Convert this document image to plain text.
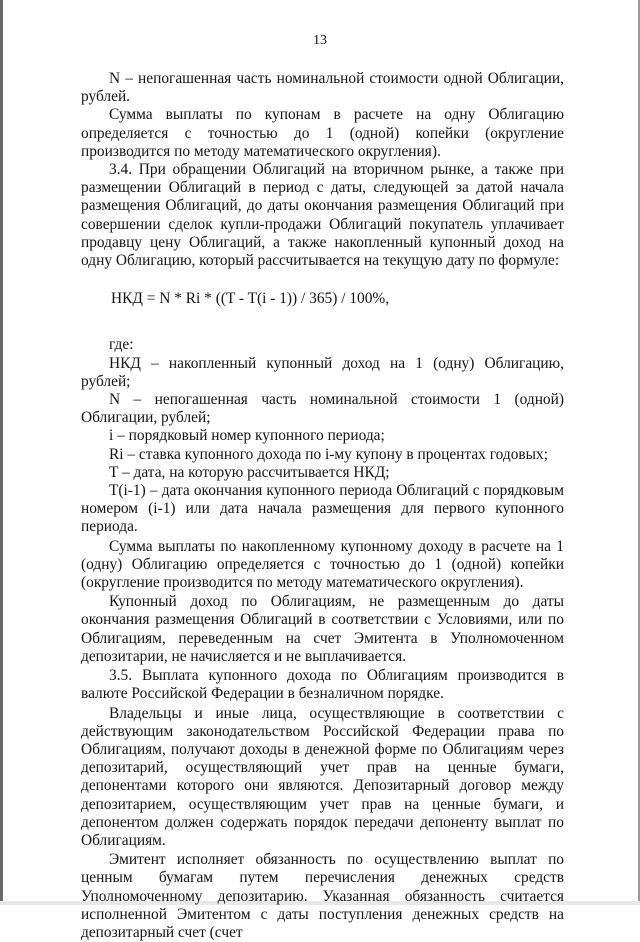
13

N – непогашенная часть номинальной стоимости одной Облигации, рублей.

Сумма выплаты по купонам в расчете на одну Облигацию определяется с точностью до 1 (одной) копейки (округление производится по методу математического округления).

3.4. При обращении Облигаций на вторичном рынке, а также при размещении Облигаций в период с даты, следующей за датой начала размещения Облигаций, до даты окончания размещения Облигаций при совершении сделок купли-продажи Облигаций покупатель уплачивает продавцу цену Облигаций, а также накопленный купонный доход на одну Облигацию, который рассчитывается на текущую дату по формуле:

НКД = N * Ri * ((T - T(i - 1)) / 365) / 100%,

где:

НКД – накопленный купонный доход на 1 (одну) Облигацию, рублей;

N – непогашенная часть номинальной стоимости 1 (одной) Облигации, рублей;

i – порядковый номер купонного периода;

Ri – ставка купонного дохода по i-му купону в процентах годовых;

T – дата, на которую рассчитывается НКД;

T(i-1) – дата окончания купонного периода Облигаций с порядковым номером (i-1) или дата начала размещения для первого купонного периода.

Сумма выплаты по накопленному купонному доходу в расчете на 1 (одну) Облигацию определяется с точностью до 1 (одной) копейки (округление производится по методу математического округления).

Купонный доход по Облигациям, не размещенным до даты окончания размещения Облигаций в соответствии с Условиями, или по Облигациям, переведенным на счет Эмитента в Уполномоченном депозитарии, не начисляется и не выплачивается.

3.5. Выплата купонного дохода по Облигациям производится в валюте Российской Федерации в безналичном порядке.

Владельцы и иные лица, осуществляющие в соответствии с действующим законодательством Российской Федерации права по Облигациям, получают доходы в денежной форме по Облигациям через депозитарий, осуществляющий учет прав на ценные бумаги, депонентами которого они являются. Депозитарный договор между депозитарием, осуществляющим учет прав на ценные бумаги, и депонентом должен содержать порядок передачи депоненту выплат по Облигациям.

Эмитент исполняет обязанность по осуществлению выплат по ценным бумагам путем перечисления денежных средств Уполномоченному депозитарию. Указанная обязанность считается исполненной Эмитентом с даты поступления денежных средств на депозитарный счет (счет
